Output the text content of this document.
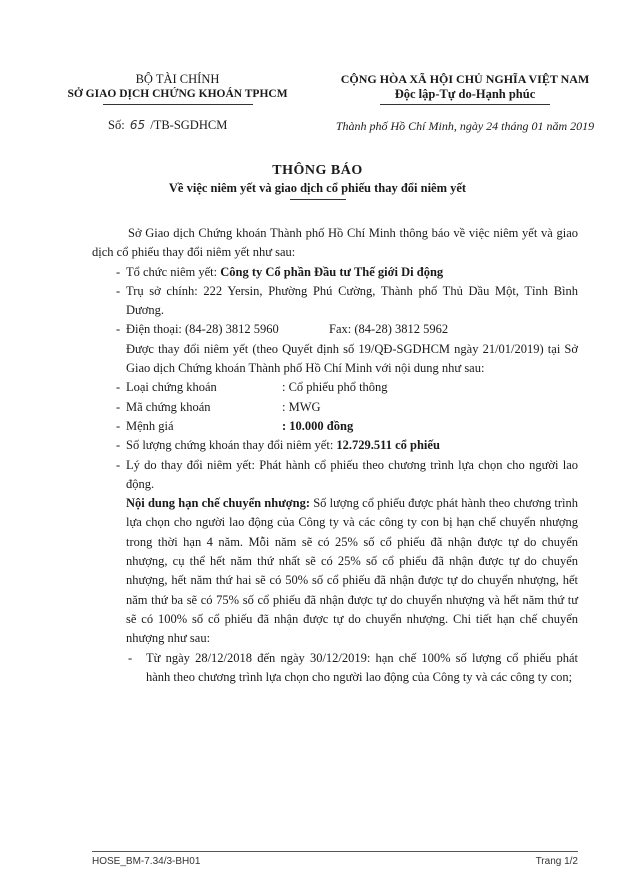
BỘ TÀI CHÍNH
SỞ GIAO DỊCH CHỨNG KHOÁN TPHCM
CỘNG HÒA XÃ HỘI CHỦ NGHĨA VIỆT NAM
Độc lập-Tự do-Hạnh phúc
Số: 65 /TB-SGDHCM	Thành phố Hồ Chí Minh, ngày 24 tháng 01 năm 2019
THÔNG BÁO
Về việc niêm yết và giao dịch cổ phiếu thay đổi niêm yết

Sở Giao dịch Chứng khoán Thành phố Hồ Chí Minh thông báo về việc niêm yết và giao dịch cổ phiếu thay đổi niêm yết như sau:

- Tổ chức niêm yết: Công ty Cổ phần Đầu tư Thế giới Di động

- Trụ sở chính: 222 Yersin, Phường Phú Cường, Thành phố Thủ Dầu Một, Tỉnh Bình Dương.

- Điện thoại: (84-28) 3812 5960	Fax: (84-28) 3812 5962

Được thay đổi niêm yết (theo Quyết định số 19/QĐ-SGDHCM ngày 21/01/2019) tại Sở Giao dịch Chứng khoán Thành phố Hồ Chí Minh với nội dung như sau:

- Loại chứng khoán	: Cổ phiếu phổ thông

- Mã chứng khoán	: MWG

- Mệnh giá	: 10.000 đồng

- Số lượng chứng khoán thay đổi niêm yết: 12.729.511 cổ phiếu

- Lý do thay đổi niêm yết: Phát hành cổ phiếu theo chương trình lựa chọn cho người lao động.

Nội dung hạn chế chuyển nhượng: Số lượng cổ phiếu được phát hành theo chương trình lựa chọn cho người lao động của Công ty và các công ty con bị hạn chế chuyển nhượng trong thời hạn 4 năm. Mỗi năm sẽ có 25% số cổ phiếu đã nhận được tự do chuyển nhượng, cụ thể hết năm thứ nhất sẽ có 25% số cổ phiếu đã nhận được tự do chuyển nhượng, hết năm thứ hai sẽ có 50% số cổ phiếu đã nhận được tự do chuyển nhượng, hết năm thứ ba sẽ có 75% số cổ phiếu đã nhận được tự do chuyển nhượng và hết năm thứ tư sẽ có 100% số cổ phiếu đã nhận được tự do chuyển nhượng. Chi tiết hạn chế chuyển nhượng như sau:

- Từ ngày 28/12/2018 đến ngày 30/12/2019: hạn chế 100% số lượng cổ phiếu phát hành theo chương trình lựa chọn cho người lao động của Công ty và các công ty con;

HOSE_BM-7.34/3-BH01	Trang 1/2
